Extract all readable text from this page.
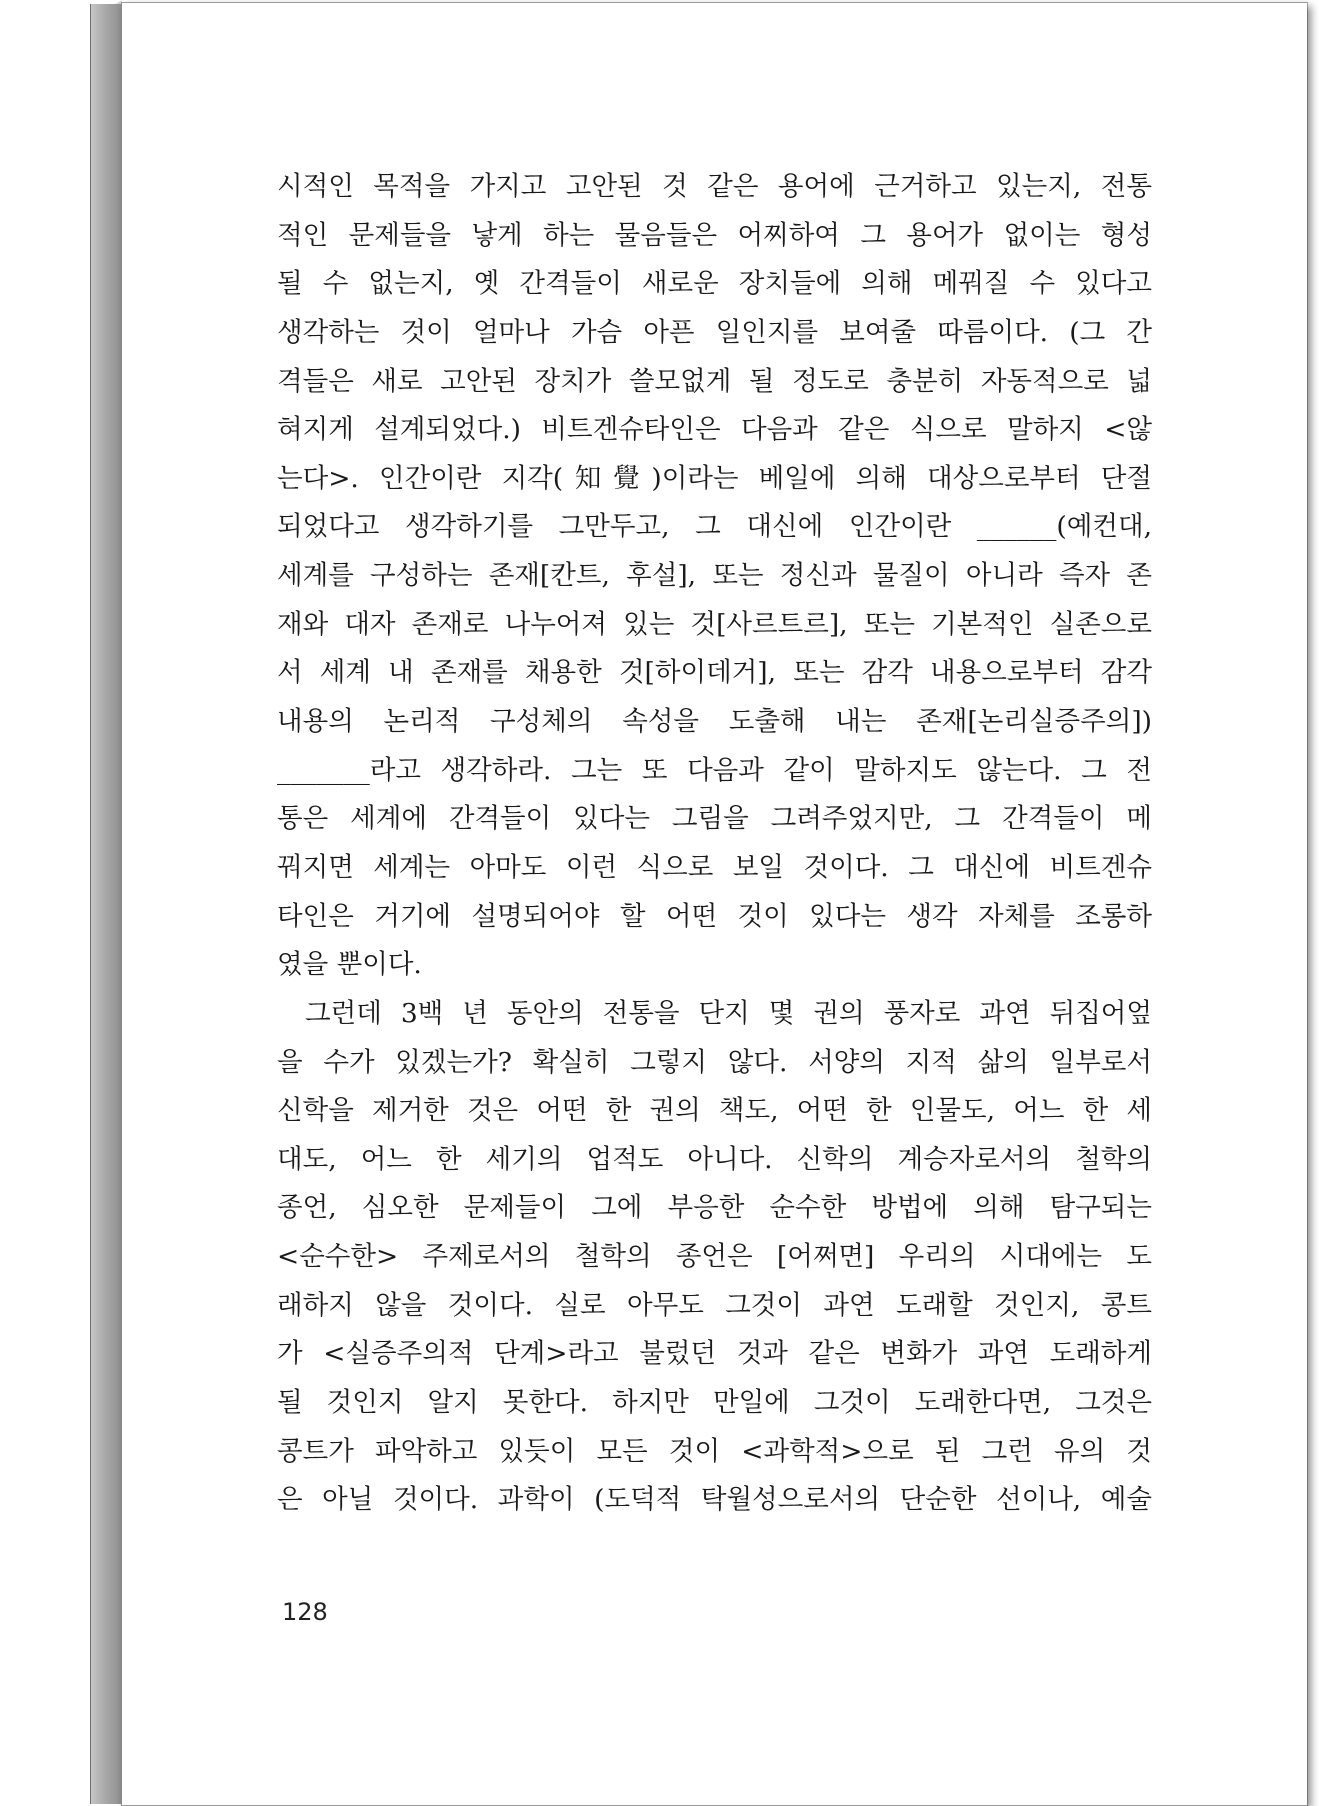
시적인 목적을 가지고 고안된 것 같은 용어에 근거하고 있는지, 전통
적인 문제들을 낳게 하는 물음들은 어찌하여 그 용어가 없이는 형성
될 수 없는지, 옛 간격들이 새로운 장치들에 의해 메꿔질 수 있다고
생각하는 것이 얼마나 가슴 아픈 일인지를 보여줄 따름이다. (그 간
격들은 새로 고안된 장치가 쓸모없게 될 정도로 충분히 자동적으로 넓
혀지게 설계되었다.) 비트겐슈타인은 다음과 같은 식으로 말하지 <않
는다>. 인간이란 지각(知覺)이라는 베일에 의해 대상으로부터 단절
되었다고 생각하기를 그만두고, 그 대신에 인간이란 ______(예컨대,
세계를 구성하는 존재[칸트, 후설], 또는 정신과 물질이 아니라 즉자 존
재와 대자 존재로 나누어져 있는 것[사르트르], 또는 기본적인 실존으로
서 세계 내 존재를 채용한 것[하이데거], 또는 감각 내용으로부터 감각
내용의 논리적 구성체의 속성을 도출해 내는 존재[논리실증주의])
_______라고 생각하라. 그는 또 다음과 같이 말하지도 않는다. 그 전
통은 세계에 간격들이 있다는 그림을 그려주었지만, 그 간격들이 메
꿔지면 세계는 아마도 이런 식으로 보일 것이다. 그 대신에 비트겐슈
타인은 거기에 설명되어야 할 어떤 것이 있다는 생각 자체를 조롱하
였을 뿐이다.
그런데 3백 년 동안의 전통을 단지 몇 권의 풍자로 과연 뒤집어엎
을 수가 있겠는가? 확실히 그렇지 않다. 서양의 지적 삶의 일부로서
신학을 제거한 것은 어떤 한 권의 책도, 어떤 한 인물도, 어느 한 세
대도, 어느 한 세기의 업적도 아니다. 신학의 계승자로서의 철학의
종언, 심오한 문제들이 그에 부응한 순수한 방법에 의해 탐구되는
<순수한> 주제로서의 철학의 종언은 [어쩌면] 우리의 시대에는 도
래하지 않을 것이다. 실로 아무도 그것이 과연 도래할 것인지, 콩트
가 <실증주의적 단계>라고 불렀던 것과 같은 변화가 과연 도래하게
될 것인지 알지 못한다. 하지만 만일에 그것이 도래한다면, 그것은
콩트가 파악하고 있듯이 모든 것이 <과학적>으로 된 그런 유의 것
은 아닐 것이다. 과학이 (도덕적 탁월성으로서의 단순한 선이나, 예술
128
